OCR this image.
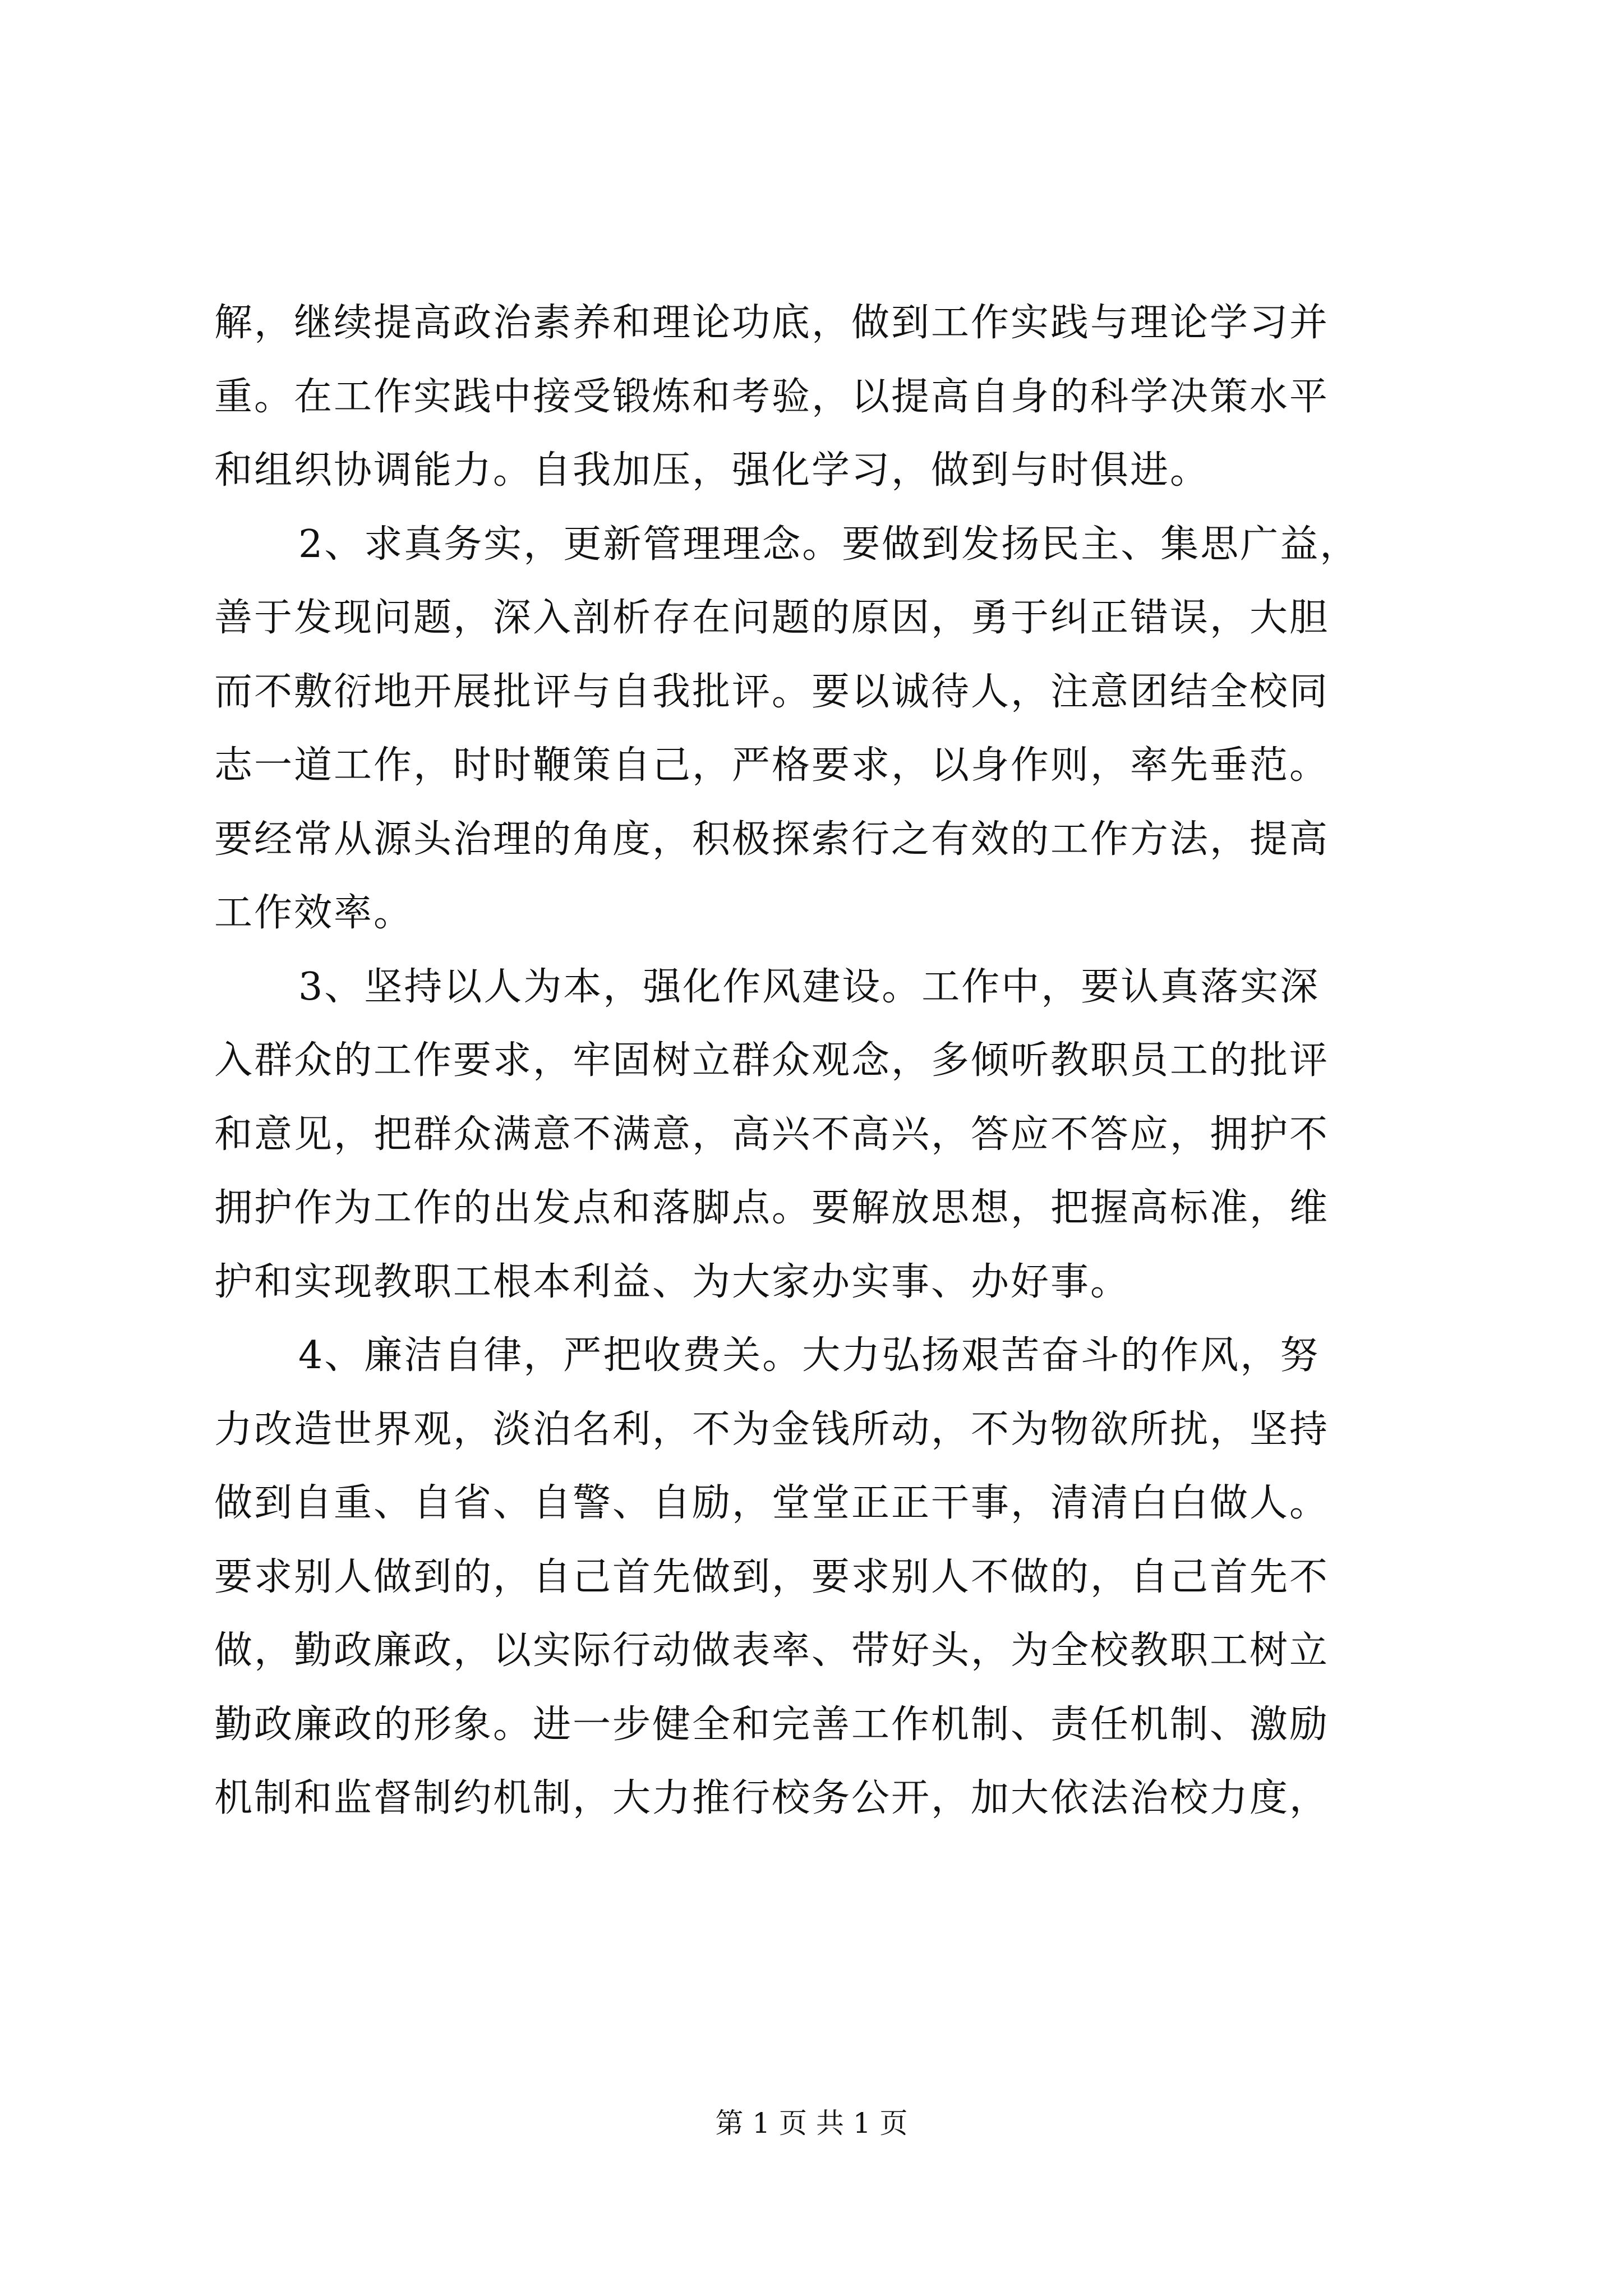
解，继续提高政治素养和理论功底，做到工作实践与理论学习并
重。在工作实践中接受锻炼和考验，以提高自身的科学决策水平
和组织协调能力。自我加压，强化学习，做到与时俱进。
2、求真务实，更新管理理念。要做到发扬民主、集思广益，
善于发现问题，深入剖析存在问题的原因，勇于纠正错误，大胆
而不敷衍地开展批评与自我批评。要以诚待人，注意团结全校同
志一道工作，时时鞭策自己，严格要求，以身作则，率先垂范。
要经常从源头治理的角度，积极探索行之有效的工作方法，提高
工作效率。
3、坚持以人为本，强化作风建设。工作中，要认真落实深
入群众的工作要求，牢固树立群众观念，多倾听教职员工的批评
和意见，把群众满意不满意，高兴不高兴，答应不答应，拥护不
拥护作为工作的出发点和落脚点。要解放思想，把握高标准，维
护和实现教职工根本利益、为大家办实事、办好事。
4、廉洁自律，严把收费关。大力弘扬艰苦奋斗的作风，努
力改造世界观，淡泊名利，不为金钱所动，不为物欲所扰，坚持
做到自重、自省、自警、自励，堂堂正正干事，清清白白做人。
要求别人做到的，自己首先做到，要求别人不做的，自己首先不
做，勤政廉政，以实际行动做表率、带好头，为全校教职工树立
勤政廉政的形象。进一步健全和完善工作机制、责任机制、激励
机制和监督制约机制，大力推行校务公开，加大依法治校力度，
第 1 页 共 1 页
